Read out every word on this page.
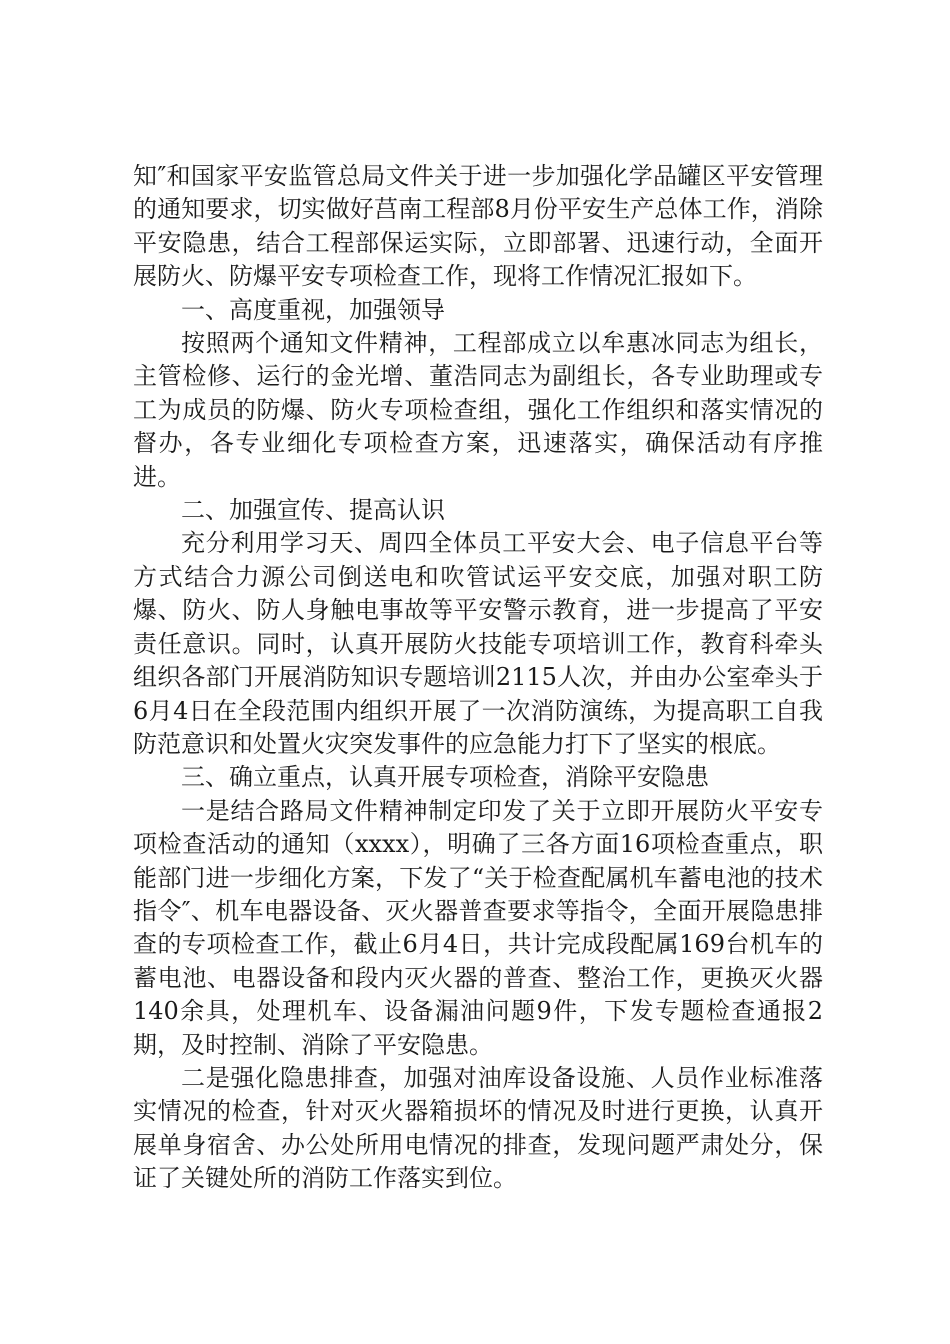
知″和国家平安监管总局文件关于进一步加强化学品罐区平安管理的通知要求，切实做好莒南工程部8月份平安生产总体工作，消除平安隐患，结合工程部保运实际，立即部署、迅速行动，全面开展防火、防爆平安专项检查工作，现将工作情况汇报如下。

一、高度重视，加强领导

按照两个通知文件精神，工程部成立以牟惠冰同志为组长，主管检修、运行的金光增、董浩同志为副组长，各专业助理或专工为成员的防爆、防火专项检查组，强化工作组织和落实情况的督办，各专业细化专项检查方案，迅速落实，确保活动有序推进。

二、加强宣传、提高认识

充分利用学习天、周四全体员工平安大会、电子信息平台等方式结合力源公司倒送电和吹管试运平安交底，加强对职工防爆、防火、防人身触电事故等平安警示教育，进一步提高了平安责任意识。同时，认真开展防火技能专项培训工作，教育科牵头组织各部门开展消防知识专题培训2115人次，并由办公室牵头于6月4日在全段范围内组织开展了一次消防演练，为提高职工自我防范意识和处置火灾突发事件的应急能力打下了坚实的根底。

三、确立重点，认真开展专项检查，消除平安隐患

一是结合路局文件精神制定印发了关于立即开展防火平安专项检查活动的通知（xxxx），明确了三各方面16项检查重点，职能部门进一步细化方案，下发了“关于检查配属机车蓄电池的技术指令″、机车电器设备、灭火器普查要求等指令，全面开展隐患排查的专项检查工作，截止6月4日，共计完成段配属169台机车的蓄电池、电器设备和段内灭火器的普查、整治工作，更换灭火器140余具，处理机车、设备漏油问题9件，下发专题检查通报2期，及时控制、消除了平安隐患。

二是强化隐患排查，加强对油库设备设施、人员作业标准落实情况的检查，针对灭火器箱损坏的情况及时进行更换，认真开展单身宿舍、办公处所用电情况的排查，发现问题严肃处分，保证了关键处所的消防工作落实到位。
